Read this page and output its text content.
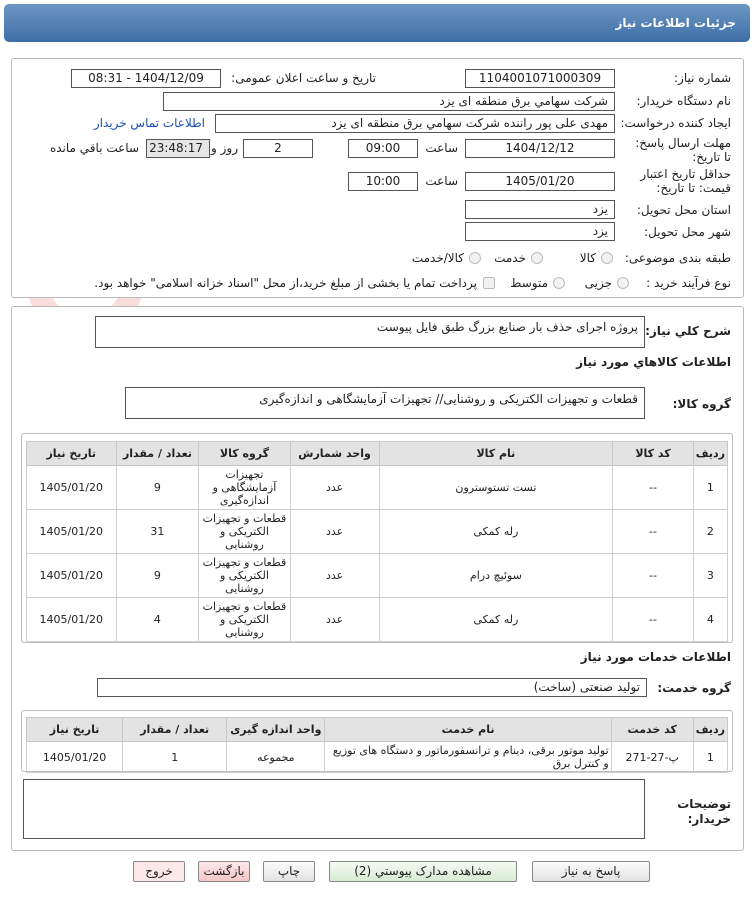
جزئیات اطلاعات نیاز
شماره نیاز:
1104001071000309
تاریخ و ساعت اعلان عمومی:
1404/12/09 - 08:31
نام دستگاه خریدار:
شرکت سهامي برق منطقه ای یزد
ایجاد کننده درخواست:
مهدی علی پور راننده شرکت سهامي برق منطقه ای یزد
اطلاعات تماس خریدار
مهلت ارسال پاسخ: تا تاریخ:
1404/12/12
ساعت
09:00
2
روز و
23:48:17
ساعت باقي مانده
حداقل تاريخ اعتبار قیمت: تا تاریخ:
1405/01/20
ساعت
10:00
استان محل تحویل:
یزد
شهر محل تحویل:
یزد
طبقه بندی موضوعی:
کالا
خدمت
کالا/خدمت
نوع فرآیند خرید :
جزیی
متوسط
پرداخت تمام یا بخشی از مبلغ خرید،از محل "اسناد خزانه اسلامی" خواهد بود.
شرح کلي نیاز:
پروژه اجرای حذف بار صنایع بزرگ طبق فایل پیوست
اطلاعات کالاهاي مورد نياز
گروه کالا:
قطعات و تجهیزات الکتریکی و روشنایی// تجهیزات آزمایشگاهی و اندازه‌گیری
ردیف	کد کالا	نام کالا	واحد شمارش	گروه کالا	تعداد / مقدار	تاریخ نیاز
1	--	تست تستوسترون	عدد	تجهیزات آزمایشگاهی و اندازه‌گیری	9	1405/01/20
2	--	رله کمکی	عدد	قطعات و تجهیزات الکتریکی و روشنایی	31	1405/01/20
3	--	سوئیچ درام	عدد	قطعات و تجهیزات الکتریکی و روشنایی	9	1405/01/20
4	--	رله کمکی	عدد	قطعات و تجهیزات الکتریکی و روشنایی	4	1405/01/20
اطلاعات خدمات مورد نیاز
گروه خدمت:
تولید صنعتی (ساخت)
ردیف	کد خدمت	نام خدمت	واحد اندازه گیری	تعداد / مقدار	تاریخ نیاز
1	پ-27-271	تولید موتور برقی، دینام و ترانسفورماتور و دستگاه های توزیع و کنترل برق	مجموعه	1	1405/01/20
توضیحات خریدار:
پاسخ به نیاز
مشاهده مدارک پیوستي (2)
چاپ
بازگشت
خروج
